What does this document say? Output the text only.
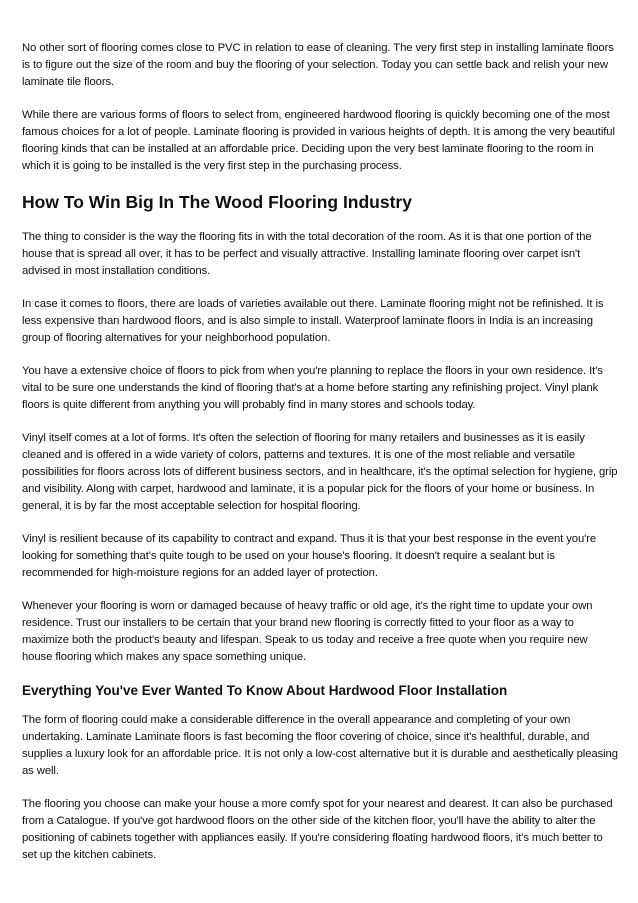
No other sort of flooring comes close to PVC in relation to ease of cleaning. The very first step in installing laminate floors is to figure out the size of the room and buy the flooring of your selection. Today you can settle back and relish your new laminate tile floors.

While there are various forms of floors to select from, engineered hardwood flooring is quickly becoming one of the most famous choices for a lot of people. Laminate flooring is provided in various heights of depth. It is among the very beautiful flooring kinds that can be installed at an affordable price. Deciding upon the very best laminate flooring to the room in which it is going to be installed is the very first step in the purchasing process.

How To Win Big In The Wood Flooring Industry

The thing to consider is the way the flooring fits in with the total decoration of the room. As it is that one portion of the house that is spread all over, it has to be perfect and visually attractive. Installing laminate flooring over carpet isn't advised in most installation conditions.

In case it comes to floors, there are loads of varieties available out there. Laminate flooring might not be refinished. It is less expensive than hardwood floors, and is also simple to install. Waterproof laminate floors in India is an increasing group of flooring alternatives for your neighborhood population.

You have a extensive choice of floors to pick from when you're planning to replace the floors in your own residence. It's vital to be sure one understands the kind of flooring that's at a home before starting any refinishing project. Vinyl plank floors is quite different from anything you will probably find in many stores and schools today.

Vinyl itself comes at a lot of forms. It's often the selection of flooring for many retailers and businesses as it is easily cleaned and is offered in a wide variety of colors, patterns and textures. It is one of the most reliable and versatile possibilities for floors across lots of different business sectors, and in healthcare, it's the optimal selection for hygiene, grip and visibility. Along with carpet, hardwood and laminate, it is a popular pick for the floors of your home or business. In general, it is by far the most acceptable selection for hospital flooring.

Vinyl is resilient because of its capability to contract and expand. Thus it is that your best response in the event you're looking for something that's quite tough to be used on your house's flooring. It doesn't require a sealant but is recommended for high-moisture regions for an added layer of protection.

Whenever your flooring is worn or damaged because of heavy traffic or old age, it's the right time to update your own residence. Trust our installers to be certain that your brand new flooring is correctly fitted to your floor as a way to maximize both the product's beauty and lifespan. Speak to us today and receive a free quote when you require new house flooring which makes any space something unique.

Everything You've Ever Wanted To Know About Hardwood Floor Installation

The form of flooring could make a considerable difference in the overall appearance and completing of your own undertaking. Laminate Laminate floors is fast becoming the floor covering of choice, since it's healthful, durable, and supplies a luxury look for an affordable price. It is not only a low-cost alternative but it is durable and aesthetically pleasing as well.

The flooring you choose can make your house a more comfy spot for your nearest and dearest. It can also be purchased from a Catalogue. If you've got hardwood floors on the other side of the kitchen floor, you'll have the ability to alter the positioning of cabinets together with appliances easily. If you're considering floating hardwood floors, it's much better to set up the kitchen cabinets.
